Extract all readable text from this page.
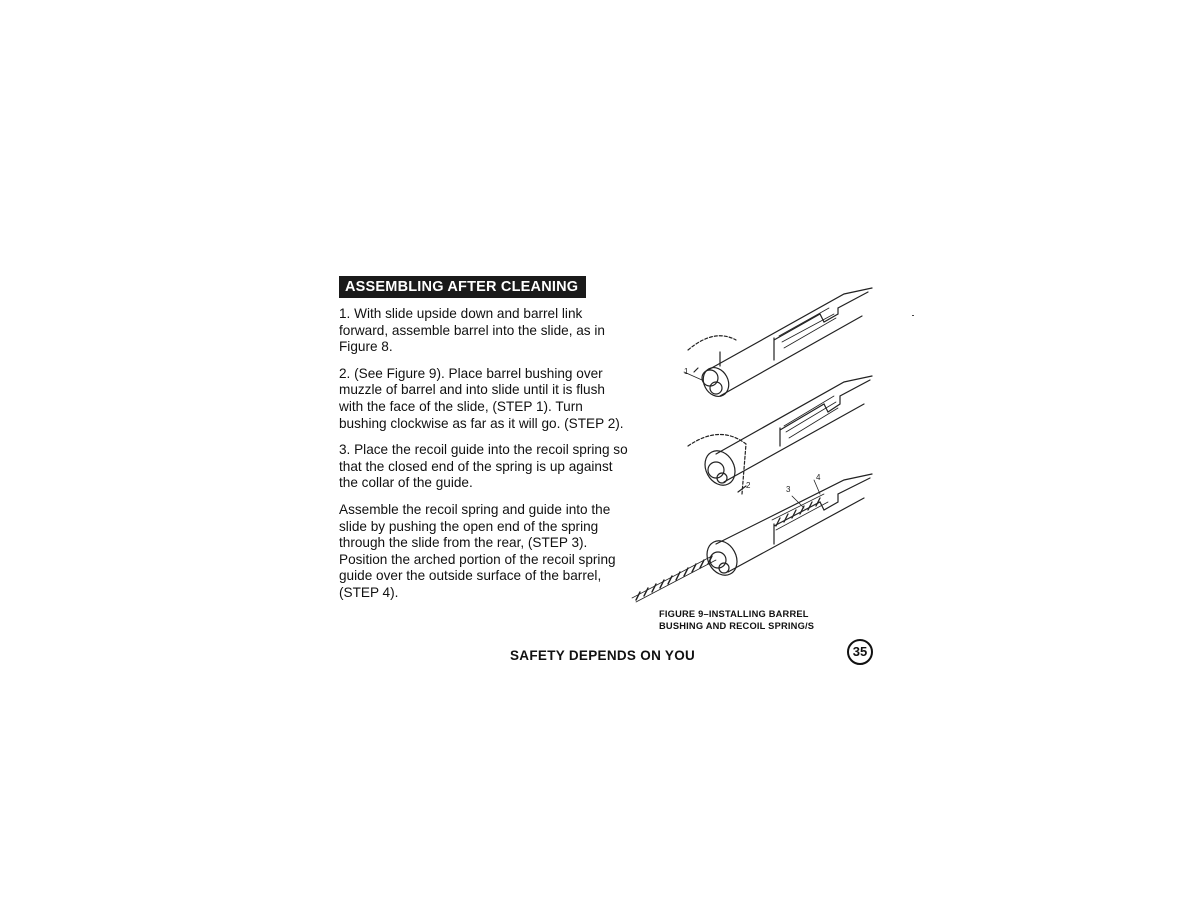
ASSEMBLING AFTER CLEANING

1. With slide upside down and barrel link forward, assemble barrel into the slide, as in Figure 8.

2. (See Figure 9). Place barrel bushing over muzzle of barrel and into slide until it is flush with the face of the slide, (STEP 1). Turn bushing clockwise as far as it will go. (STEP 2).

3. Place the recoil guide into the recoil spring so that the closed end of the spring is up against the collar of the guide.

Assemble the recoil spring and guide into the slide by pushing the open end of the spring through the slide from the rear, (STEP 3). Position the arched portion of the recoil spring guide over the outside surface of the barrel, (STEP 4).

1
2	3
4
FIGURE 9–INSTALLING BARREL
BUSHING AND RECOIL SPRING/S
SAFETY DEPENDS ON YOU	35
